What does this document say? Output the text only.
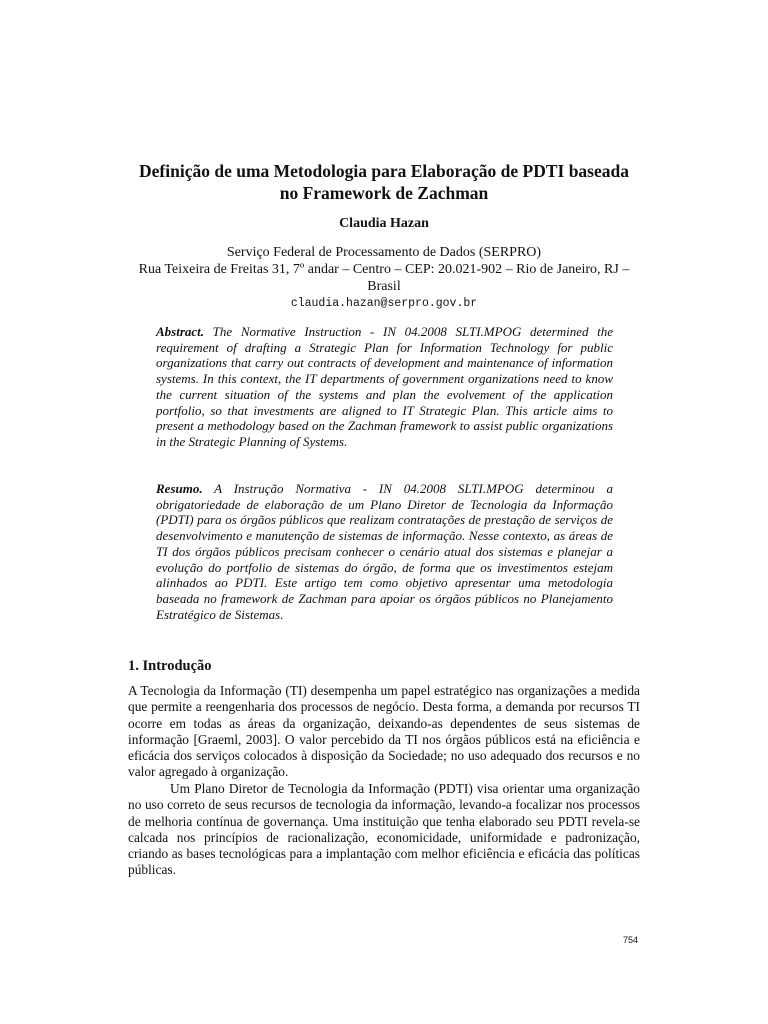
Definição de uma Metodologia para Elaboração de PDTI baseada no Framework de Zachman
Claudia Hazan
Serviço Federal de Processamento de Dados (SERPRO)
Rua Teixeira de Freitas 31, 7º andar – Centro – CEP: 20.021-902 – Rio de Janeiro, RJ – Brasil
claudia.hazan@serpro.gov.br
Abstract. The Normative Instruction - IN 04.2008 SLTI.MPOG determined the requirement of drafting a Strategic Plan for Information Technology for public organizations that carry out contracts of development and maintenance of information systems. In this context, the IT departments of government organizations need to know the current situation of the systems and plan the evolvement of the application portfolio, so that investments are aligned to IT Strategic Plan. This article aims to present a methodology based on the Zachman framework to assist public organizations in the Strategic Planning of Systems.
Resumo. A Instrução Normativa - IN 04.2008 SLTI.MPOG determinou a obrigatoriedade de elaboração de um Plano Diretor de Tecnologia da Informação (PDTI) para os órgãos públicos que realizam contratações de prestação de serviços de desenvolvimento e manutenção de sistemas de informação. Nesse contexto, as áreas de TI dos órgãos públicos precisam conhecer o cenário atual dos sistemas e planejar a evolução do portfolio de sistemas do órgão, de forma que os investimentos estejam alinhados ao PDTI. Este artigo tem como objetivo apresentar uma metodologia baseada no framework de Zachman para apoiar os órgãos públicos no Planejamento Estratégico de Sistemas.
1. Introdução
A Tecnologia da Informação (TI) desempenha um papel estratégico nas organizações a medida que permite a reengenharia dos processos de negócio. Desta forma, a demanda por recursos TI ocorre em todas as áreas da organização, deixando-as dependentes de seus sistemas de informação [Graeml, 2003]. O valor percebido da TI nos órgãos públicos está na eficiência e eficácia dos serviços colocados à disposição da Sociedade; no uso adequado dos recursos e no valor agregado à organização.
Um Plano Diretor de Tecnologia da Informação (PDTI) visa orientar uma organização no uso correto de seus recursos de tecnologia da informação, levando-a focalizar nos processos de melhoria contínua de governança. Uma instituição que tenha elaborado seu PDTI revela-se calcada nos princípios de racionalização, economicidade, uniformidade e padronização, criando as bases tecnológicas para a implantação com melhor eficiência e eficácia das políticas públicas.
754
